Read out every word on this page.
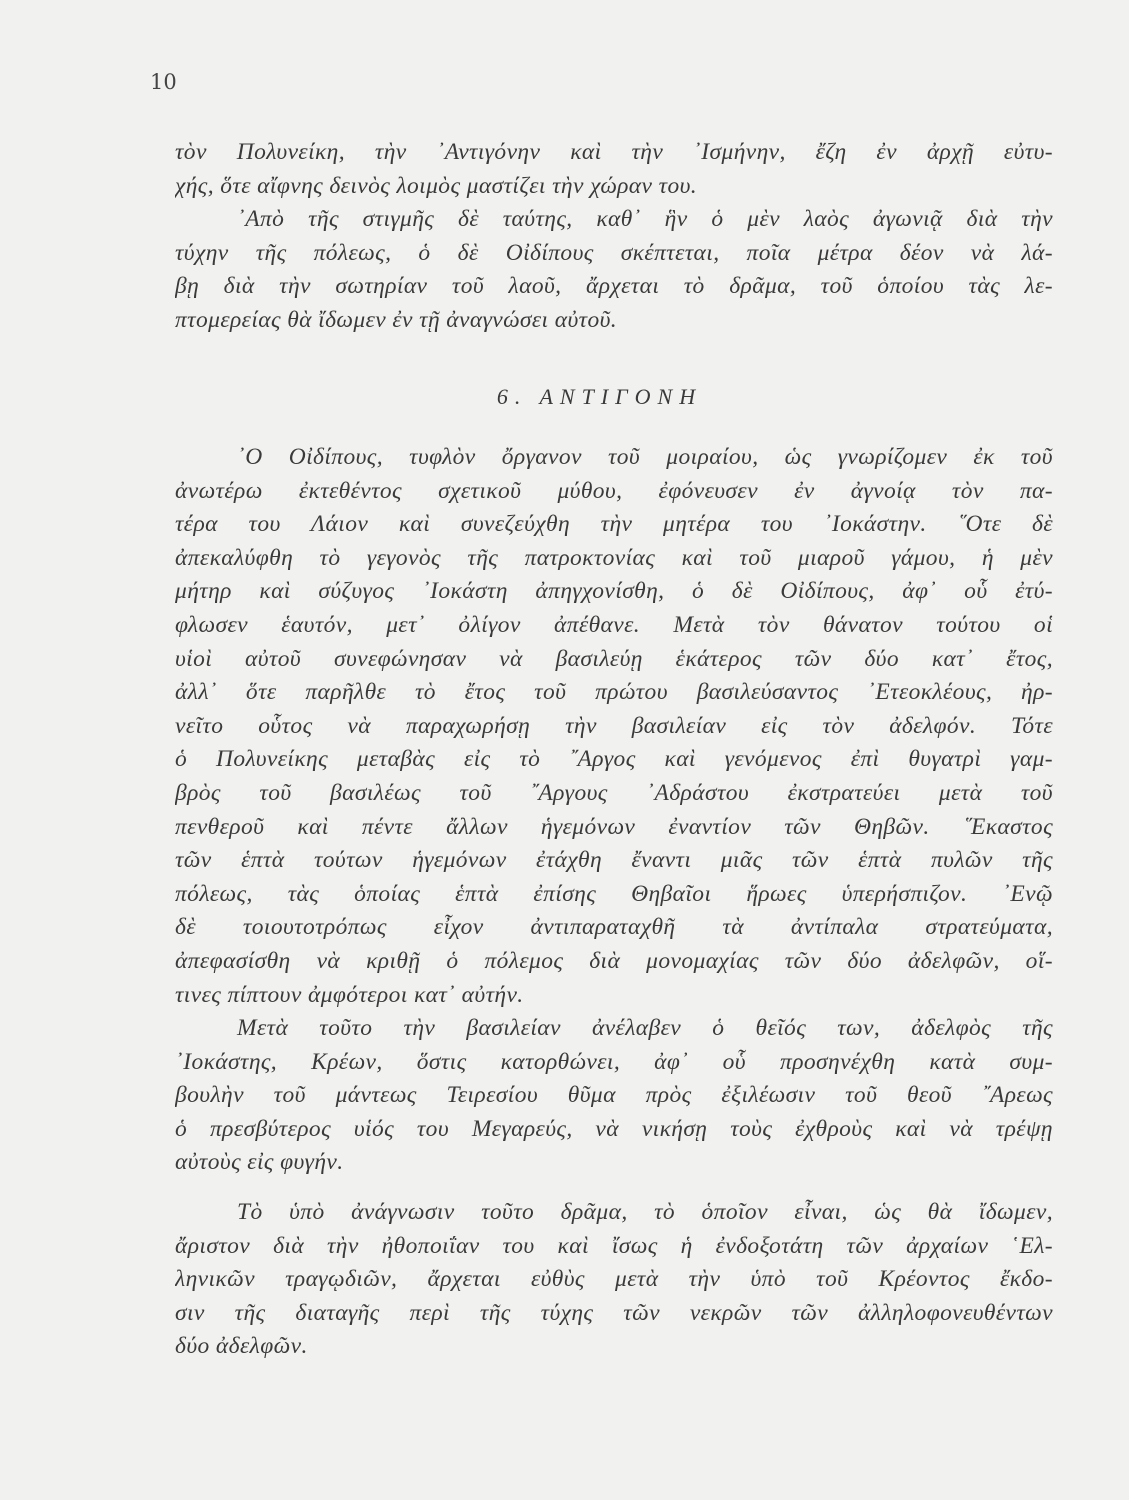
10
τὸν Πολυνείκη, τὴν ᾿Αντιγόνην καὶ τὴν ᾿Ισμήνην, ἔζη ἐν ἀρχῇ εὐτυ-
χής, ὅτε αἴφνης δεινὸς λοιμὸς μαστίζει τὴν χώραν του.
᾿Απὸ τῆς στιγμῆς δὲ ταύτης, καθ᾿ ἣν ὁ μὲν λαὸς ἀγωνιᾷ διὰ τὴν
τύχην τῆς πόλεως, ὁ δὲ Οἰδίπους σκέπτεται, ποῖα μέτρα δέον νὰ λά-
βῃ διὰ τὴν σωτηρίαν τοῦ λαοῦ, ἄρχεται τὸ δρᾶμα, τοῦ ὁποίου τὰς λε-
πτομερείας θὰ ἴδωμεν ἐν τῇ ἀναγνώσει αὐτοῦ.
6. ΑΝΤΙΓΟΝΗ
᾿Ο Οἰδίπους, τυφλὸν ὄργανον τοῦ μοιραίου, ὡς γνωρίζομεν ἐκ τοῦ
ἀνωτέρω ἐκτεθέντος σχετικοῦ μύθου, ἐφόνευσεν ἐν ἀγνοίᾳ τὸν πα-
τέρα του Λάιον καὶ συνεζεύχθη τὴν μητέρα του ᾿Ιοκάστην. ῞Οτε δὲ
ἀπεκαλύφθη τὸ γεγονὸς τῆς πατροκτονίας καὶ τοῦ μιαροῦ γάμου, ἡ μὲν
μήτηρ καὶ σύζυγος ᾿Ιοκάστη ἀπηγχονίσθη, ὁ δὲ Οἰδίπους, ἀφ᾿ οὗ ἐτύ-
φλωσεν ἑαυτόν, μετ᾿ ὀλίγον ἀπέθανε. Μετὰ τὸν θάνατον τούτου οἱ
υἱοὶ αὐτοῦ συνεφώνησαν νὰ βασιλεύῃ ἑκάτερος τῶν δύο κατ᾿ ἔτος,
ἀλλ᾿ ὅτε παρῆλθε τὸ ἔτος τοῦ πρώτου βασιλεύσαντος ᾿Ετεοκλέους, ἠρ-
νεῖτο οὗτος νὰ παραχωρήσῃ τὴν βασιλείαν εἰς τὸν ἀδελφόν. Τότε
ὁ Πολυνείκης μεταβὰς εἰς τὸ ῎Αργος καὶ γενόμενος ἐπὶ θυγατρὶ γαμ-
βρὸς τοῦ βασιλέως τοῦ ῎Αργους ᾿Αδράστου ἐκστρατεύει μετὰ τοῦ
πενθεροῦ καὶ πέντε ἄλλων ἡγεμόνων ἐναντίον τῶν Θηβῶν. ῞Εκαστος
τῶν ἑπτὰ τούτων ἡγεμόνων ἐτάχθη ἔναντι μιᾶς τῶν ἑπτὰ πυλῶν τῆς
πόλεως, τὰς ὁποίας ἑπτὰ ἐπίσης Θηβαῖοι ἥρωες ὑπερήσπιζον. ᾿Ενῷ
δὲ τοιουτοτρόπως εἶχον ἀντιπαραταχθῆ τὰ ἀντίπαλα στρατεύματα,
ἀπεφασίσθη νὰ κριθῇ ὁ πόλεμος διὰ μονομαχίας τῶν δύο ἀδελφῶν, οἵ-
τινες πίπτουν ἀμφότεροι κατ᾿ αὐτήν.
Μετὰ τοῦτο τὴν βασιλείαν ἀνέλαβεν ὁ θεῖός των, ἀδελφὸς τῆς
᾿Ιοκάστης, Κρέων, ὅστις κατορθώνει, ἀφ᾿ οὗ προσηνέχθη κατὰ συμ-
βουλὴν τοῦ μάντεως Τειρεσίου θῦμα πρὸς ἐξιλέωσιν τοῦ θεοῦ ῎Αρεως
ὁ πρεσβύτερος υἱός του Μεγαρεύς, νὰ νικήσῃ τοὺς ἐχθροὺς καὶ νὰ τρέψῃ
αὐτοὺς εἰς φυγήν.
Τὸ ὑπὸ ἀνάγνωσιν τοῦτο δρᾶμα, τὸ ὁποῖον εἶναι, ὡς θὰ ἴδωμεν,
ἄριστον διὰ τὴν ἠθοποιΐαν του καὶ ἴσως ἡ ἐνδοξοτάτη τῶν ἀρχαίων ῾Ελ-
ληνικῶν τραγῳδιῶν, ἄρχεται εὐθὺς μετὰ τὴν ὑπὸ τοῦ Κρέοντος ἔκδο-
σιν τῆς διαταγῆς περὶ τῆς τύχης τῶν νεκρῶν τῶν ἀλληλοφονευθέντων
δύο ἀδελφῶν.
